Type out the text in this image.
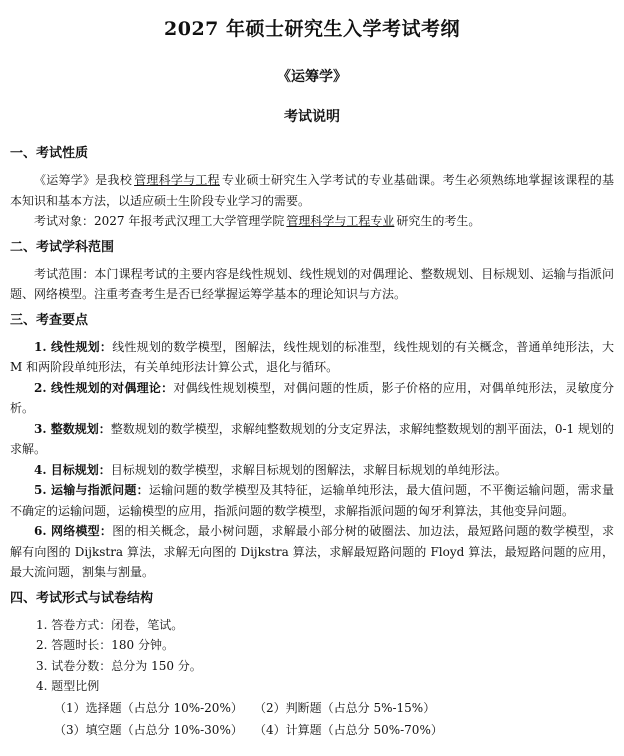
2027 年硕士研究生入学考试考纲
《运筹学》
考试说明

一、考试性质

《运筹学》是我校 管理科学与工程 专业硕士研究生入学考试的专业基础课。考生必须熟练地掌握该课程的基本知识和基本方法，以适应硕士生阶段专业学习的需要。

考试对象：2027 年报考武汉理工大学管理学院 管理科学与工程专业 研究生的考生。

二、考试学科范围

考试范围：本门课程考试的主要内容是线性规划、线性规划的对偶理论、整数规划、目标规划、运输与指派问题、网络模型。注重考查考生是否已经掌握运筹学基本的理论知识与方法。

三、考查要点

1. 线性规划：线性规划的数学模型，图解法，线性规划的标准型，线性规划的有关概念，普通单纯形法，大 M 和两阶段单纯形法，有关单纯形法计算公式，退化与循环。

2. 线性规划的对偶理论：对偶线性规划模型，对偶问题的性质，影子价格的应用，对偶单纯形法，灵敏度分析。

3. 整数规划：整数规划的数学模型，求解纯整数规划的分支定界法，求解纯整数规划的割平面法，0-1 规划的求解。

4. 目标规划：目标规划的数学模型，求解目标规划的图解法，求解目标规划的单纯形法。

5. 运输与指派问题：运输问题的数学模型及其特征，运输单纯形法，最大值问题，不平衡运输问题，需求量不确定的运输问题，运输模型的应用，指派问题的数学模型，求解指派问题的匈牙利算法，其他变异问题。

6. 网络模型：图的相关概念，最小树问题，求解最小部分树的破圈法、加边法，最短路问题的数学模型，求解有向图的 Dijkstra 算法，求解无向图的 Dijkstra 算法，求解最短路问题的 Floyd 算法，最短路问题的应用，最大流问题，割集与割量。

四、考试形式与试卷结构

1. 答卷方式：闭卷，笔试。

2. 答题时长：180 分钟。

3. 试卷分数：总分为 150 分。

4. 题型比例

（1）选择题（占总分 10%-20%） （2）判断题（占总分 5%-15%）

（3）填空题（占总分 10%-30%） （4）计算题（占总分 50%-70%）
